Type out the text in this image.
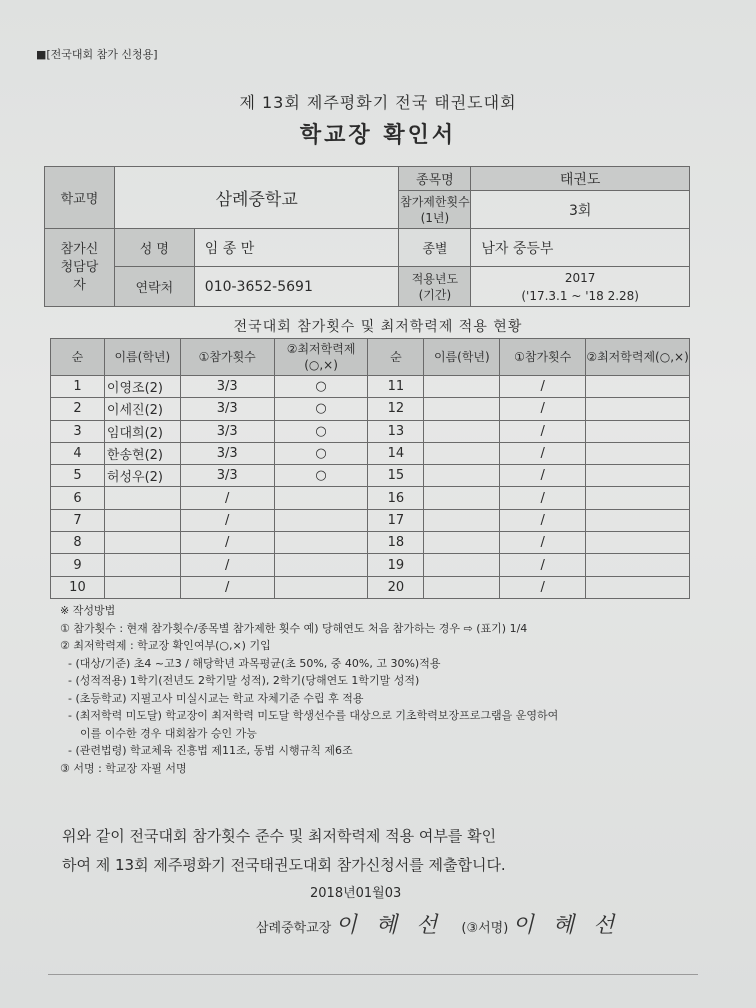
■[전국대회 참가 신청용]
제 13회 제주평화기 전국 태권도대회
학교장 확인서
학교명	삼례중학교		종목명	태권도
			참가제한횟수(1년)	3회
참가신청담당자	성 명	임 종 만	종별	남자 중등부
	연락처	010-3652-5691	적용년도(기간)	2017
('17.3.1 ~ '18 2.28)
전국대회 참가횟수 및 최저학력제 적용 현황
순	이름(학년)	①참가횟수	②최저학력제(○,×)	순	이름(학년)	①참가횟수	②최저학력제(○,×)
1	이영조(2)	3/3	○	11		/	
2	이세진(2)	3/3	○	12		/	
3	임대희(2)	3/3	○	13		/	
4	한송현(2)	3/3	○	14		/	
5	허성우(2)	3/3	○	15		/	
6		/		16		/	
7		/		17		/	
8		/		18		/	
9		/		19		/	
10		/		20		/	
※ 작성방법
① 참가횟수 : 현재 참가횟수/종목별 참가제한 횟수 예) 당해연도 처음 참가하는 경우 ⇨ (표기) 1/4
② 최저학력제 : 학교장 확인여부(○,×) 기입
- (대상/기준) 초4 ~고3 / 해당학년 과목평균(초 50%, 중 40%, 고 30%)적용
- (성적적용) 1학기(전년도 2학기말 성적), 2학기(당해연도 1학기말 성적)
- (초등학교) 지필고사 미실시교는 학교 자체기준 수립 후 적용
- (최저학력 미도달) 학교장이 최저학력 미도달 학생선수를 대상으로 기초학력보장프로그램을 운영하여
이를 이수한 경우 대회참가 승인 가능
- (관련법령) 학교체육 진흥법 제11조, 동법 시행규칙 제6조
③ 서명 : 학교장 자필 서명
위와 같이 전국대회 참가횟수 준수 및 최저학력제 적용 여부를 확인
하여 제 13회 제주평화기 전국태권도대회 참가신청서를 제출합니다.
2018년01월03
삼례중학교장 이 혜 선 (③서명) 이 혜 선
